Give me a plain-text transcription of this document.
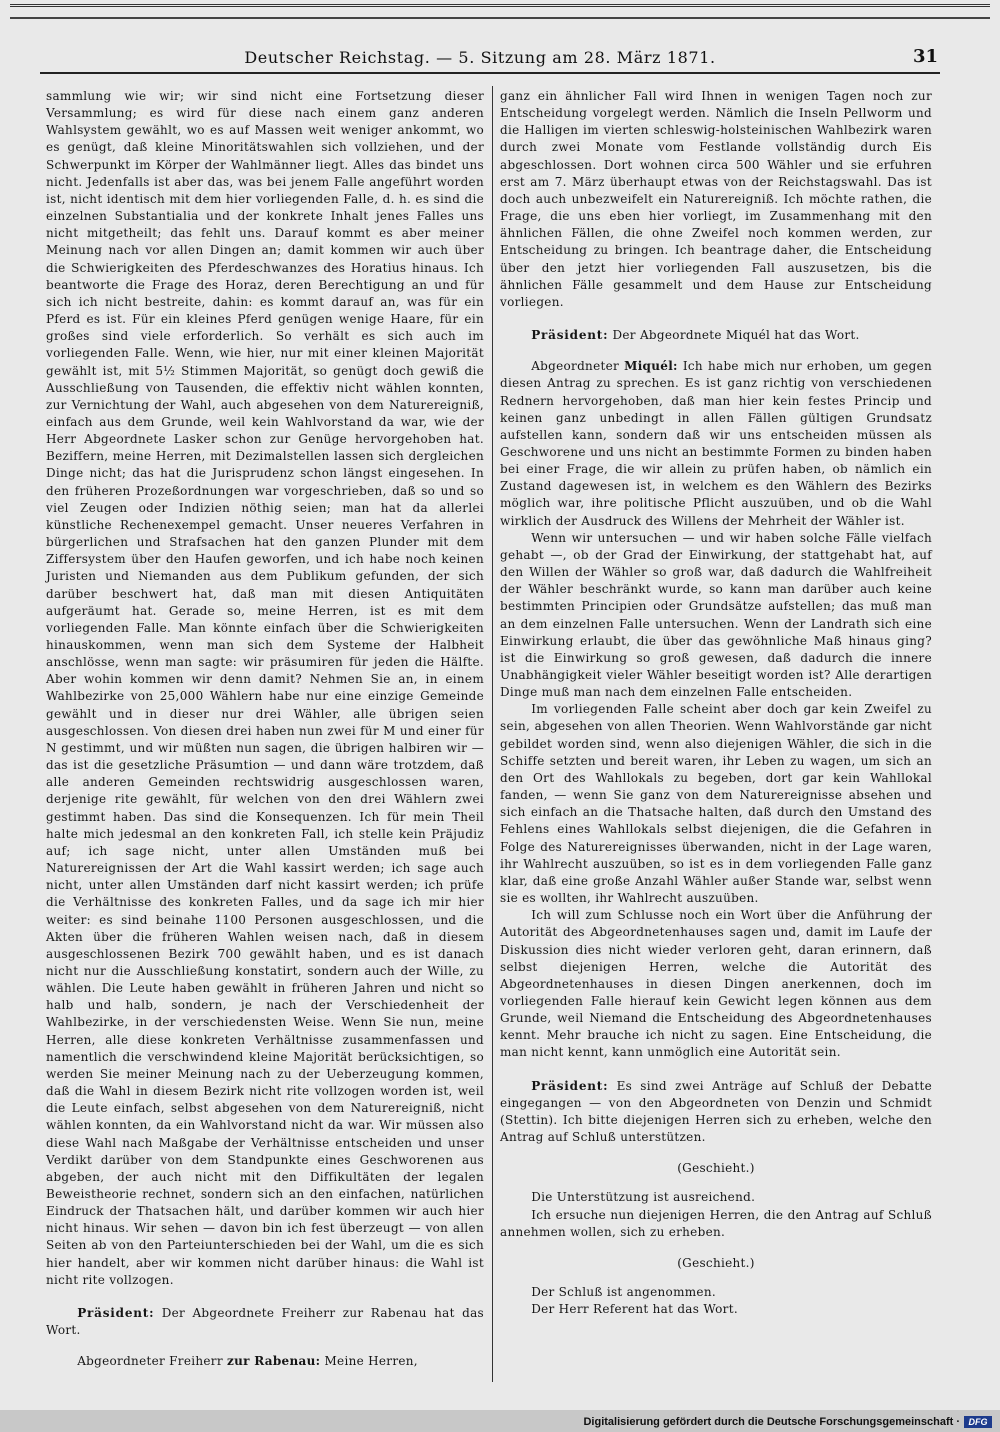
Deutscher Reichstag. — 5. Sitzung am 28. März 1871.	31

sammlung wie wir; wir sind nicht eine Fortsetzung dieser Versammlung; es wird für diese nach einem ganz anderen Wahlsystem gewählt, wo es auf Massen weit weniger ankommt, wo es genügt, daß kleine Minoritätswahlen sich vollziehen, und der Schwerpunkt im Körper der Wahlmänner liegt. Alles das bindet uns nicht. Jedenfalls ist aber das, was bei jenem Falle angeführt worden ist, nicht identisch mit dem hier vorliegenden Falle, d. h. es sind die einzelnen Substantialia und der konkrete Inhalt jenes Falles uns nicht mitgetheilt; das fehlt uns. Darauf kommt es aber meiner Meinung nach vor allen Dingen an; damit kommen wir auch über die Schwierigkeiten des Pferdeschwanzes des Horatius hinaus. Ich beantworte die Frage des Horaz, deren Berechtigung an und für sich ich nicht bestreite, dahin: es kommt darauf an, was für ein Pferd es ist. Für ein kleines Pferd genügen wenige Haare, für ein großes sind viele erforderlich. So verhält es sich auch im vorliegenden Falle. Wenn, wie hier, nur mit einer kleinen Majorität gewählt ist, mit 5½ Stimmen Majorität, so genügt doch gewiß die Ausschließung von Tausenden, die effektiv nicht wählen konnten, zur Vernichtung der Wahl, auch abgesehen von dem Naturereigniß, einfach aus dem Grunde, weil kein Wahlvorstand da war, wie der Herr Abgeordnete Lasker schon zur Genüge hervorgehoben hat. Beziffern, meine Herren, mit Dezimalstellen lassen sich dergleichen Dinge nicht; das hat die Jurisprudenz schon längst eingesehen. In den früheren Prozeßordnungen war vorgeschrieben, daß so und so viel Zeugen oder Indizien nöthig seien; man hat da allerlei künstliche Rechenexempel gemacht. Unser neueres Verfahren in bürgerlichen und Strafsachen hat den ganzen Plunder mit dem Ziffersystem über den Haufen geworfen, und ich habe noch keinen Juristen und Niemanden aus dem Publikum gefunden, der sich darüber beschwert hat, daß man mit diesen Antiquitäten aufgeräumt hat. Gerade so, meine Herren, ist es mit dem vorliegenden Falle. Man könnte einfach über die Schwierigkeiten hinauskommen, wenn man sich dem Systeme der Halbheit anschlösse, wenn man sagte: wir präsumiren für jeden die Hälfte. Aber wohin kommen wir denn damit? Nehmen Sie an, in einem Wahlbezirke von 25,000 Wählern habe nur eine einzige Gemeinde gewählt und in dieser nur drei Wähler, alle übrigen seien ausgeschlossen. Von diesen drei haben nun zwei für M und einer für N gestimmt, und wir müßten nun sagen, die übrigen halbiren wir — das ist die gesetzliche Präsumtion — und dann wäre trotzdem, daß alle anderen Gemeinden rechtswidrig ausgeschlossen waren, derjenige rite gewählt, für welchen von den drei Wählern zwei gestimmt haben. Das sind die Konsequenzen. Ich für mein Theil halte mich jedesmal an den konkreten Fall, ich stelle kein Präjudiz auf; ich sage nicht, unter allen Umständen muß bei Naturereignissen der Art die Wahl kassirt werden; ich sage auch nicht, unter allen Umständen darf nicht kassirt werden; ich prüfe die Verhältnisse des konkreten Falles, und da sage ich mir hier weiter: es sind beinahe 1100 Personen ausgeschlossen, und die Akten über die früheren Wahlen weisen nach, daß in diesem ausgeschlossenen Bezirk 700 gewählt haben, und es ist danach nicht nur die Ausschließung konstatirt, sondern auch der Wille, zu wählen. Die Leute haben gewählt in früheren Jahren und nicht so halb und halb, sondern, je nach der Verschiedenheit der Wahlbezirke, in der verschiedensten Weise. Wenn Sie nun, meine Herren, alle diese konkreten Verhältnisse zusammenfassen und namentlich die verschwindend kleine Majorität berücksichtigen, so werden Sie meiner Meinung nach zu der Ueberzeugung kommen, daß die Wahl in diesem Bezirk nicht rite vollzogen worden ist, weil die Leute einfach, selbst abgesehen von dem Naturereigniß, nicht wählen konnten, da ein Wahlvorstand nicht da war. Wir müssen also diese Wahl nach Maßgabe der Verhältnisse entscheiden und unser Verdikt darüber von dem Standpunkte eines Geschworenen aus abgeben, der auch nicht mit den Diffikultäten der legalen Beweistheorie rechnet, sondern sich an den einfachen, natürlichen Eindruck der Thatsachen hält, und darüber kommen wir auch hier nicht hinaus. Wir sehen — davon bin ich fest überzeugt — von allen Seiten ab von den Parteiunterschieden bei der Wahl, um die es sich hier handelt, aber wir kommen nicht darüber hinaus: die Wahl ist nicht rite vollzogen.

Präsident: Der Abgeordnete Freiherr zur Rabenau hat das Wort.

Abgeordneter Freiherr zur Rabenau: Meine Herren,

ganz ein ähnlicher Fall wird Ihnen in wenigen Tagen noch zur Entscheidung vorgelegt werden. Nämlich die Inseln Pellworm und die Halligen im vierten schleswig-holsteinischen Wahlbezirk waren durch zwei Monate vom Festlande vollständig durch Eis abgeschlossen. Dort wohnen circa 500 Wähler und sie erfuhren erst am 7. März überhaupt etwas von der Reichstagswahl. Das ist doch auch unbezweifelt ein Naturereigniß. Ich möchte rathen, die Frage, die uns eben hier vorliegt, im Zusammenhang mit den ähnlichen Fällen, die ohne Zweifel noch kommen werden, zur Entscheidung zu bringen. Ich beantrage daher, die Entscheidung über den jetzt hier vorliegenden Fall auszusetzen, bis die ähnlichen Fälle gesammelt und dem Hause zur Entscheidung vorliegen.

Präsident: Der Abgeordnete Miquél hat das Wort.

Abgeordneter Miquél: Ich habe mich nur erhoben, um gegen diesen Antrag zu sprechen. Es ist ganz richtig von verschiedenen Rednern hervorgehoben, daß man hier kein festes Princip und keinen ganz unbedingt in allen Fällen gültigen Grundsatz aufstellen kann, sondern daß wir uns entscheiden müssen als Geschworene und uns nicht an bestimmte Formen zu binden haben bei einer Frage, die wir allein zu prüfen haben, ob nämlich ein Zustand dagewesen ist, in welchem es den Wählern des Bezirks möglich war, ihre politische Pflicht auszuüben, und ob die Wahl wirklich der Ausdruck des Willens der Mehrheit der Wähler ist.

Wenn wir untersuchen — und wir haben solche Fälle vielfach gehabt —, ob der Grad der Einwirkung, der stattgehabt hat, auf den Willen der Wähler so groß war, daß dadurch die Wahlfreiheit der Wähler beschränkt wurde, so kann man darüber auch keine bestimmten Principien oder Grundsätze aufstellen; das muß man an dem einzelnen Falle untersuchen. Wenn der Landrath sich eine Einwirkung erlaubt, die über das gewöhnliche Maß hinaus ging? ist die Einwirkung so groß gewesen, daß dadurch die innere Unabhängigkeit vieler Wähler beseitigt worden ist? Alle derartigen Dinge muß man nach dem einzelnen Falle entscheiden.

Im vorliegenden Falle scheint aber doch gar kein Zweifel zu sein, abgesehen von allen Theorien. Wenn Wahlvorstände gar nicht gebildet worden sind, wenn also diejenigen Wähler, die sich in die Schiffe setzten und bereit waren, ihr Leben zu wagen, um sich an den Ort des Wahllokals zu begeben, dort gar kein Wahllokal fanden, — wenn Sie ganz von dem Naturereignisse absehen und sich einfach an die Thatsache halten, daß durch den Umstand des Fehlens eines Wahllokals selbst diejenigen, die die Gefahren in Folge des Naturereignisses überwanden, nicht in der Lage waren, ihr Wahlrecht auszuüben, so ist es in dem vorliegenden Falle ganz klar, daß eine große Anzahl Wähler außer Stande war, selbst wenn sie es wollten, ihr Wahlrecht auszuüben.

Ich will zum Schlusse noch ein Wort über die Anführung der Autorität des Abgeordnetenhauses sagen und, damit im Laufe der Diskussion dies nicht wieder verloren geht, daran erinnern, daß selbst diejenigen Herren, welche die Autorität des Abgeordnetenhauses in diesen Dingen anerkennen, doch im vorliegenden Falle hierauf kein Gewicht legen können aus dem Grunde, weil Niemand die Entscheidung des Abgeordnetenhauses kennt. Mehr brauche ich nicht zu sagen. Eine Entscheidung, die man nicht kennt, kann unmöglich eine Autorität sein.

Präsident: Es sind zwei Anträge auf Schluß der Debatte eingegangen — von den Abgeordneten von Denzin und Schmidt (Stettin). Ich bitte diejenigen Herren sich zu erheben, welche den Antrag auf Schluß unterstützen.

(Geschieht.)

Die Unterstützung ist ausreichend.

Ich ersuche nun diejenigen Herren, die den Antrag auf Schluß annehmen wollen, sich zu erheben.

(Geschieht.)

Der Schluß ist angenommen.

Der Herr Referent hat das Wort.

Digitalisierung gefördert durch die Deutsche Forschungsgemeinschaft · DFG
